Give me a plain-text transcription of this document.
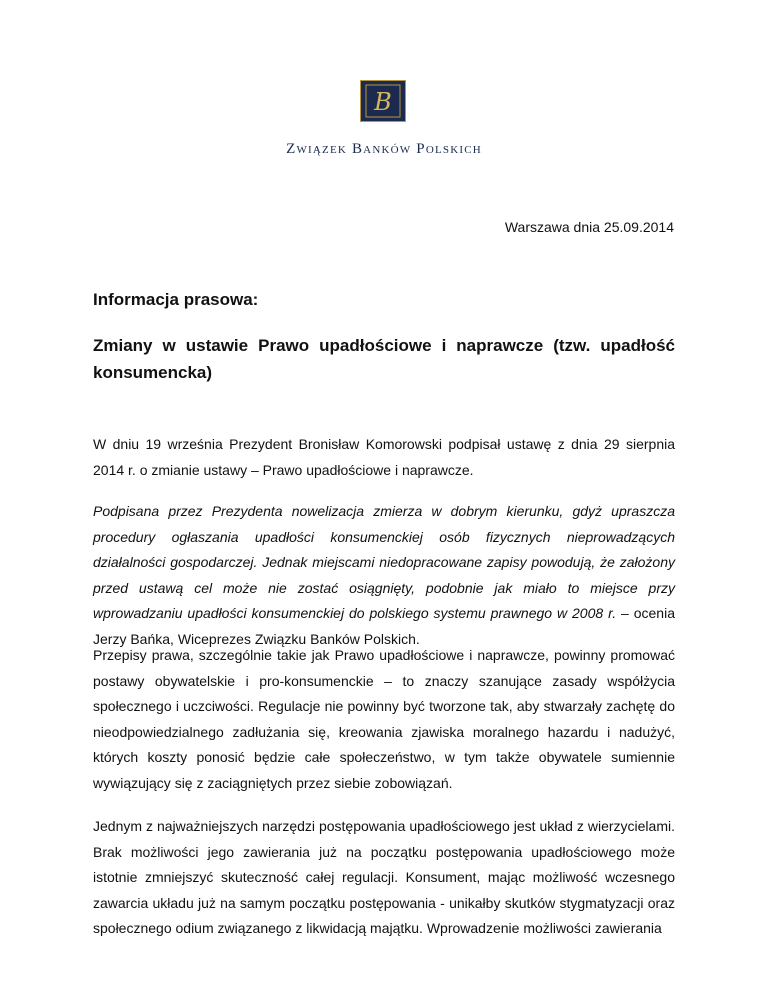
B
Związek Banków Polskich
Warszawa dnia 25.09.2014
Informacja prasowa:
Zmiany w ustawie Prawo upadłościowe i naprawcze (tzw. upadłość
konsumencka)

W dniu 19 września Prezydent Bronisław Komorowski podpisał ustawę z dnia 29 sierpnia 2014 r. o zmianie ustawy – Prawo upadłościowe i naprawcze.

Podpisana przez Prezydenta nowelizacja zmierza w dobrym kierunku, gdyż upraszcza procedury ogłaszania upadłości konsumenckiej osób fizycznych nieprowadzących działalności gospodarczej. Jednak miejscami niedopracowane zapisy powodują, że założony przed ustawą cel może nie zostać osiągnięty, podobnie jak miało to miejsce przy wprowadzaniu upadłości konsumenckiej do polskiego systemu prawnego w 2008 r. – ocenia Jerzy Bańka, Wiceprezes Związku Banków Polskich.

Przepisy prawa, szczególnie takie jak Prawo upadłościowe i naprawcze, powinny promować postawy obywatelskie i pro-konsumenckie – to znaczy szanujące zasady współżycia społecznego i uczciwości. Regulacje nie powinny być tworzone tak, aby stwarzały zachętę do nieodpowiedzialnego zadłużania się, kreowania zjawiska moralnego hazardu i nadużyć, których koszty ponosić będzie całe społeczeństwo, w tym także obywatele sumiennie wywiązujący się z zaciągniętych przez siebie zobowiązań.

Jednym z najważniejszych narzędzi postępowania upadłościowego jest układ z wierzycielami. Brak możliwości jego zawierania już na początku postępowania upadłościowego może istotnie zmniejszyć skuteczność całej regulacji. Konsument, mając możliwość wczesnego zawarcia układu już na samym początku postępowania - unikałby skutków stygmatyzacji oraz społecznego odium związanego z likwidacją majątku. Wprowadzenie możliwości zawierania
